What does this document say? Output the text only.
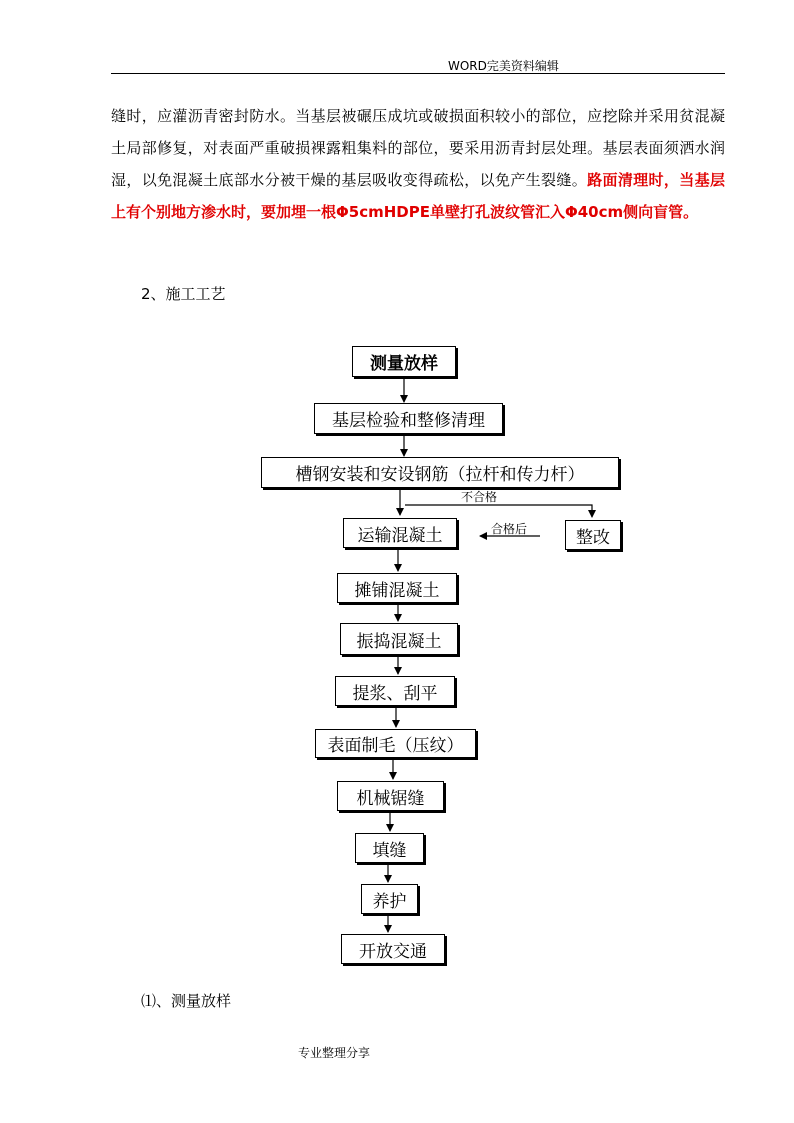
WORD完美资料编辑
缝时，应灌沥青密封防水。当基层被碾压成坑或破损面积较小的部位，应挖除并采用贫混凝土局部修复，对表面严重破损裸露粗集料的部位，要采用沥青封层处理。基层表面须洒水润湿，以免混凝土底部水分被干燥的基层吸收变得疏松，以免产生裂缝。路面清理时，当基层上有个别地方渗水时，要加埋一根Φ5cmHDPE单壁打孔波纹管汇入Φ40cm侧向盲管。
2、施工工艺
测量放样
基层检验和整修清理
槽钢安装和安设钢筋（拉杆和传力杆）
不合格
运输混凝土	合格后	整改
摊铺混凝土
振捣混凝土
提浆、刮平
表面制毛（压纹）
机械锯缝
填缝
养护
开放交通
⑴、测量放样
专业整理分享
